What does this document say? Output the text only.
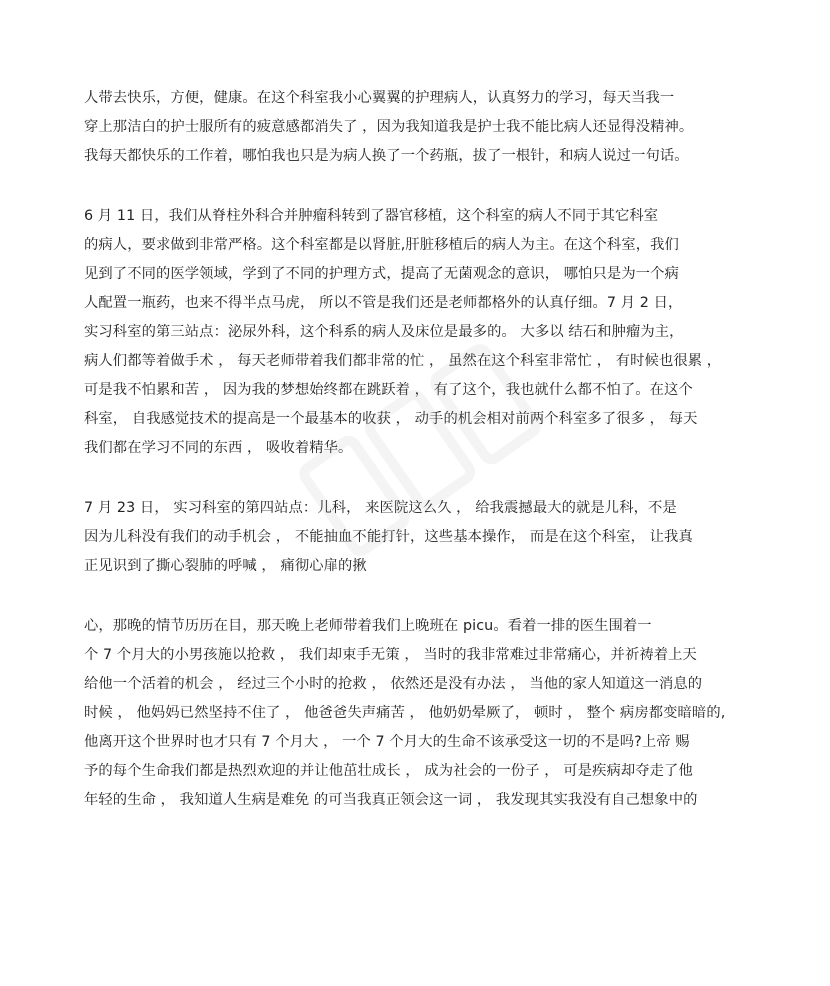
人带去快乐，方便，健康。在这个科室我小心翼翼的护理病人，认真努力的学习，每天当我一
穿上那洁白的护士服所有的疲意感都消失了 ，因为我知道我是护士我不能比病人还显得没精神。
我每天都快乐的工作着，哪怕我也只是为病人换了一个药瓶，拔了一根针，和病人说过一句话。
6 月 11 日，我们从脊柱外科合并肿瘤科转到了器官移植，这个科室的病人不同于其它科室
的病人，要求做到非常严格。这个科室都是以肾脏,肝脏移植后的病人为主。在这个科室，我们
见到了不同的医学领域，学到了不同的护理方式，提高了无菌观念的意识， 哪怕只是为一个病
人配置一瓶药，也来不得半点马虎， 所以不管是我们还是老师都格外的认真仔细。7 月 2 日，
实习科室的第三站点：泌尿外科，这个科系的病人及床位是最多的。 大多以 结石和肿瘤为主，
病人们都等着做手术 ， 每天老师带着我们都非常的忙 ， 虽然在这个科室非常忙 ， 有时候也很累 ，
可是我不怕累和苦 ， 因为我的梦想始终都在跳跃着 ， 有了这个，我也就什么都不怕了。在这个
科室， 自我感觉技术的提高是一个最基本的收获 ， 动手的机会相对前两个科室多了很多 ， 每天
我们都在学习不同的东西 ， 吸收着精华。
7 月 23 日， 实习科室的第四站点：儿科， 来医院这么久 ， 给我震撼最大的就是儿科，不是
因为儿科没有我们的动手机会 ， 不能抽血不能打针，这些基本操作， 而是在这个科室， 让我真
正见识到了撕心裂肺的呼喊 ， 痛彻心扉的揪
心，那晚的情节历历在目，那天晚上老师带着我们上晚班在 picu。看着一排的医生围着一
个 7 个月大的小男孩施以抢救 ， 我们却束手无策 ， 当时的我非常难过非常痛心，并祈祷着上天
给他一个活着的机会 ， 经过三个小时的抢救 ， 依然还是没有办法 ， 当他的家人知道这一消息的
时候 ， 他妈妈已然坚持不住了 ， 他爸爸失声痛苦 ， 他奶奶晕厥了， 顿时 ， 整个 病房都变暗暗的,
他离开这个世界时也才只有 7 个月大 ， 一个 7 个月大的生命不该承受这一切的不是吗?上帝 赐
予的每个生命我们都是热烈欢迎的并让他茁壮成长 ， 成为社会的一份子 ， 可是疾病却夺走了他
年轻的生命 ， 我知道人生病是难免 的可当我真正领会这一词 ， 我发现其实我没有自己想象中的
